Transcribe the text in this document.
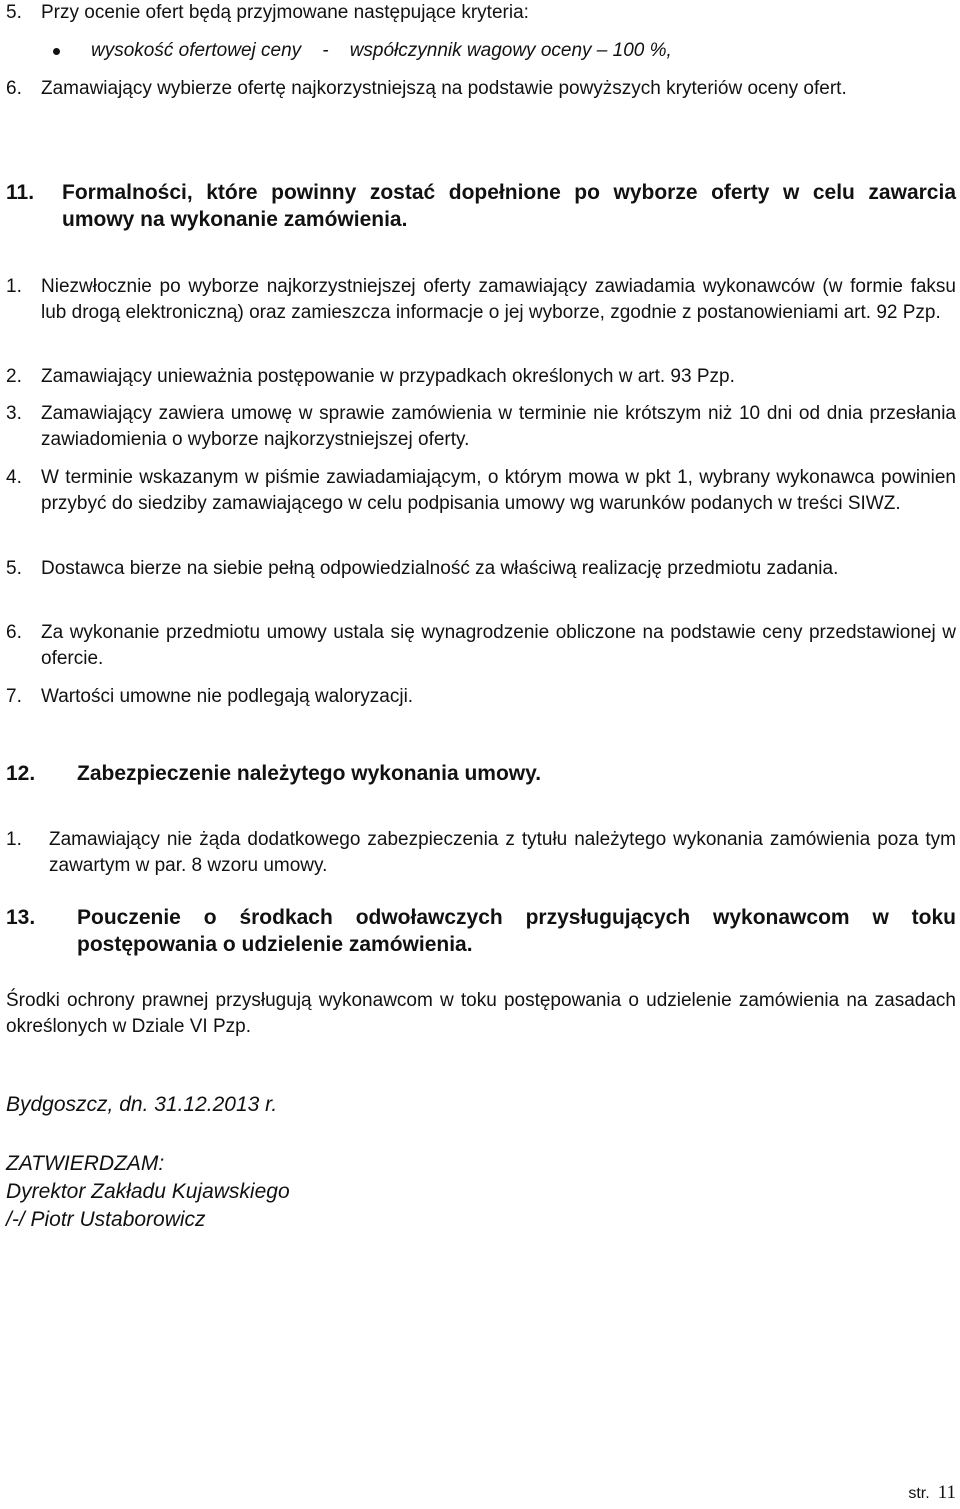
5. Przy ocenie ofert będą przyjmowane następujące kryteria:

wysokość ofertowej ceny    -    współczynnik wagowy oceny – 100 %,

6. Zamawiający wybierze ofertę najkorzystniejszą na podstawie powyższych kryteriów oceny ofert.
11. Formalności, które powinny zostać dopełnione po wyborze oferty w celu zawarcia umowy na wykonanie zamówienia.
1. Niezwłocznie po wyborze najkorzystniejszej oferty zamawiający zawiadamia wykonawców (w formie faksu lub drogą elektroniczną) oraz zamieszcza informacje o jej wyborze, zgodnie z postanowieniami art. 92 Pzp.
2. Zamawiający unieważnia postępowanie w przypadkach określonych w art. 93 Pzp.
3. Zamawiający zawiera umowę w sprawie zamówienia w terminie nie krótszym niż 10 dni od dnia przesłania zawiadomienia o wyborze najkorzystniejszej oferty.
4. W terminie wskazanym w piśmie zawiadamiającym, o którym mowa w pkt 1, wybrany wykonawca powinien przybyć do siedziby zamawiającego w celu podpisania umowy wg warunków podanych w treści SIWZ.
5. Dostawca bierze na siebie pełną odpowiedzialność za właściwą realizację przedmiotu zadania.
6. Za wykonanie przedmiotu umowy ustala się wynagrodzenie obliczone na podstawie ceny przedstawionej w ofercie.
7. Wartości umowne nie podlegają waloryzacji.
12. Zabezpieczenie należytego wykonania umowy.
1. Zamawiający nie żąda dodatkowego zabezpieczenia z tytułu należytego wykonania zamówienia poza tym zawartym w par. 8 wzoru umowy.
13. Pouczenie o środkach odwoławczych przysługujących wykonawcom w toku postępowania o udzielenie zamówienia.
Środki ochrony prawnej przysługują wykonawcom w toku postępowania o udzielenie zamówienia na zasadach określonych w Dziale VI Pzp.
Bydgoszcz, dn. 31.12.2013 r.
ZATWIERDZAM:
Dyrektor Zakładu Kujawskiego
/-/ Piotr Ustaborowicz
str. 11
